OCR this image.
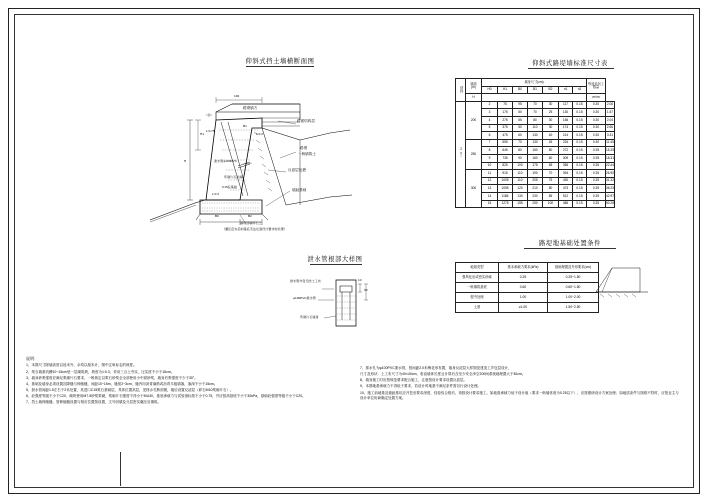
仰斜式挡土墙横断面图	仰斜式路堤墙标准尺寸表
泄水管根部大样图
路堤地基础处置条件
路堤填方
1:0.75
100
路面结构层
B1
1:0.3
路堤
一般填筑土
H1
H	泄水管φ100PVC
浆砌片石挡墙
反滤层包裹
C15砼基础
墙趾基础
1:0.3
B0	B2
基坑回填碎石土
（碾压密实后如基底无法达到设计要求时处理）
排水管外包无纺土工布
φ100PVC泄水管
浆砌片石墙身
10
30
材料	墙高
(m)	墙身尺寸(cm)							每延米圬工数量	
		H0	H1	B0	B1	B2	n1	n2		
	H								m³/m	
20°	200	2	75	95	70	30	117	0.15	0.30	2.06
		3	175	50	70	25	130	0.15	0.30	1.57
		4	275	55	80	30	156	0.15	0.30	2.04
		5	375	50	110	30	174	0.15	0.30	2.66
		6	475	60	130	40	214	0.15	0.30	3.31
	250	7	555	70	130	45	234	0.15	0.30	11.45
		8	645	80	150	50	272	0.15	0.35	15.25
		9	735	90	160	60	309	0.15	0.35	18.31
		10	825	100	175	65	356	0.15	0.35	22.44
	300	11	915	110	190	70	394	0.15	0.35	26.90
		12	1005	110	205	75	430	0.15	0.35	31.32
		13	1095	120	210	80	473	0.15	0.35	36.23
		14	1185	130	230	85	512	0.15	0.35	42.97
		15	1275	155	250	100	486	0.15	0.35	50.28
地基类型	基本承载力要求(kPa)	基础埋置及外形要求(cm)
强风化岩或密实砂砾	0.25	0.25~1.50
一般填筑基底	0.60	0.60~1.50
强夯处理	1.00	1.00~2.00
土基	≥1.00	1.50~2.50

说明：

1、本图尺寸除墙高度以延米外，余均以厘米计，图中注角标志的坡度。

2、浆石墙基坑槽10~15cm垫一层砌筑坡，坡度为1:0.3，采用三合土夯实，压实度不小于15cm。

3、墙身砂浆强度应满足浆砌片石要求，一般规定以浆石砂浆全全部使用小中面砂浆，墙身后浆强度不少于30°。

4、基础及墙身必须设置沉降缝与伸缩缝，间距10~15m，缝宽2~3cm，缝内用沥青麻筋或沥青木板填塞，塞深不小于15cm。

5、泄水管间距1.5左右于2米处置，其进口C15浆石基础层，具体位置高层，见排水孔断面图，墙后设置反滤层（碎石M10浆砌片石）。

6、砼强度等级不小于C20，砌块使用M7.5砂浆浆砌，浆砌片石强度不得小于MU30，基底承载力与试验指标按不小于0.75，并应按高基底不小于30kPa，基础砼强度等级不小于C20。

7、挡土墙伸缩缝、管伸缩缝设置与相应位置按设置，文号回填及分层密实碾压后填筑。

7、排水孔为φ100PVC泄水管，按间距2.0米梅花形布置，墙身反滤层大样图见建造工乡包层设计，

尺寸及形状：上工布尺寸为40×40cm，垂直墙体长度且计算后含至少安全净空200间系统地埋置大于30cm。

8、墙身施工时应按规范要求配合施工，注意按设计要求设置反滤层。

9、本图地基承载力不得低于要求，若设计时地基不满足条件需另行设计处理。

10、施工前地基及墙趾基坑应开挖至要求深度，经检验合格后，再按设计要求施工。如地基承载力低于设计值（要求一般墙体底为0.25以下），应按照研设计方案处理；如地质条件与图纸不符时，应报业主与设计单位协商确定处置方案。
